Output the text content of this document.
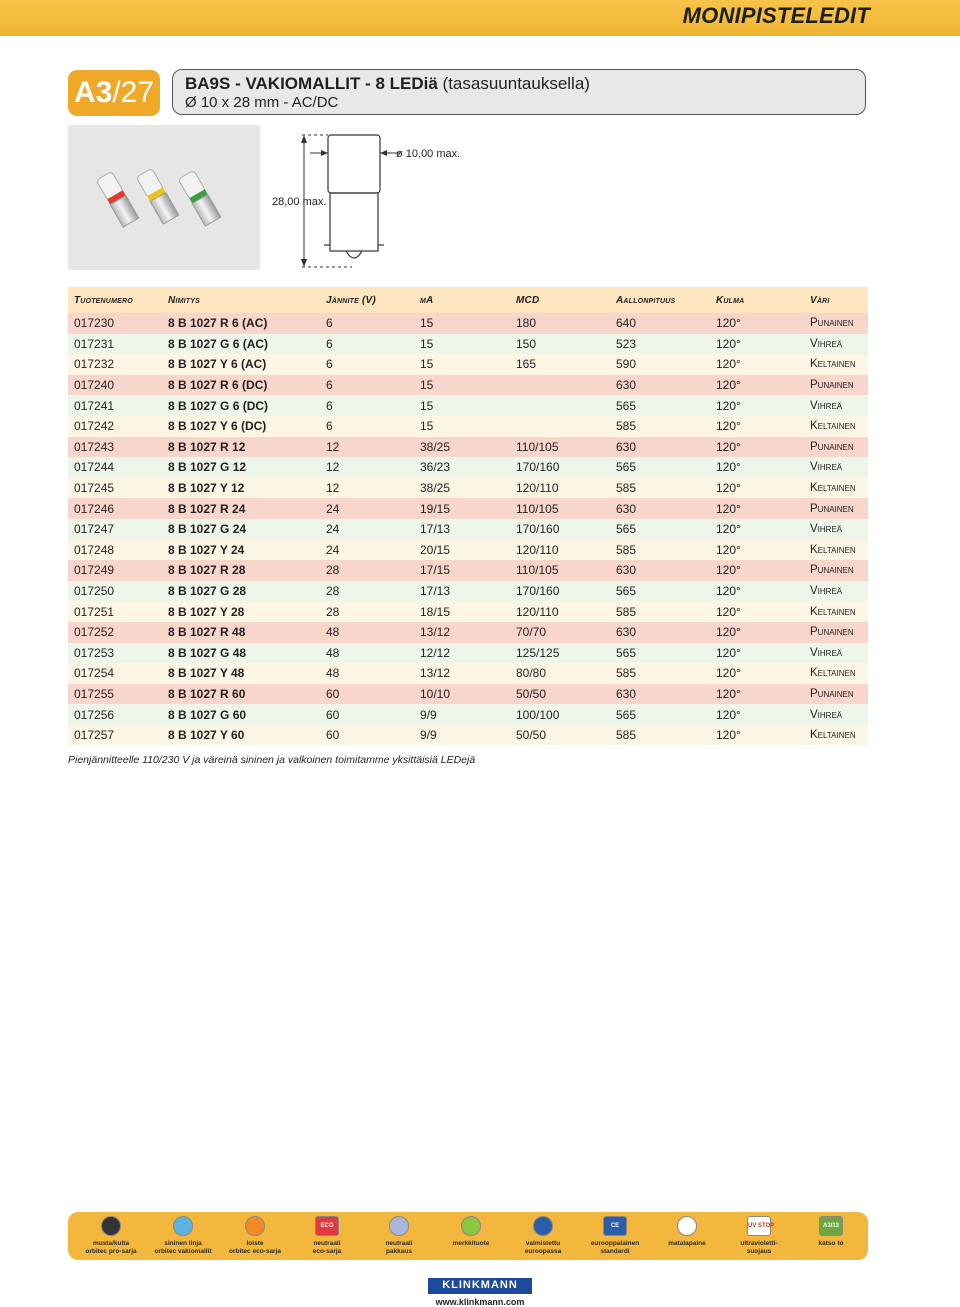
MONIPISTELEDIT
A3/27	BA9S - VAKIOMALLIT - 8 LEDiä (tasasuuntauksella)
Ø 10 x 28 mm - AC/DC
ø 10,00 max.
28,00 max.
Tuotenumero	Nimitys	Jännite (V)	mA	MCD	Aallonpituus	Kulma	Väri
017230	8 B 1027 R 6 (AC)	6	15	180	640	120°	Punainen
017231	8 B 1027 G 6 (AC)	6	15	150	523	120°	Vihreä
017232	8 B 1027 Y 6 (AC)	6	15	165	590	120°	Keltainen
017240	8 B 1027 R 6 (DC)	6	15		630	120°	Punainen
017241	8 B 1027 G 6 (DC)	6	15		565	120°	Vihreä
017242	8 B 1027 Y 6 (DC)	6	15		585	120°	Keltainen
017243	8 B 1027 R 12	12	38/25	110/105	630	120°	Punainen
017244	8 B 1027 G 12	12	36/23	170/160	565	120°	Vihreä
017245	8 B 1027 Y 12	12	38/25	120/110	585	120°	Keltainen
017246	8 B 1027 R 24	24	19/15	110/105	630	120°	Punainen
017247	8 B 1027 G 24	24	17/13	170/160	565	120°	Vihreä
017248	8 B 1027 Y 24	24	20/15	120/110	585	120°	Keltainen
017249	8 B 1027 R 28	28	17/15	110/105	630	120°	Punainen
017250	8 B 1027 G 28	28	17/13	170/160	565	120°	Vihreä
017251	8 B 1027 Y 28	28	18/15	120/110	585	120°	Keltainen
017252	8 B 1027 R 48	48	13/12	70/70	630	120°	Punainen
017253	8 B 1027 G 48	48	12/12	125/125	565	120°	Vihreä
017254	8 B 1027 Y 48	48	13/12	80/80	585	120°	Keltainen
017255	8 B 1027 R 60	60	10/10	50/50	630	120°	Punainen
017256	8 B 1027 G 60	60	9/9	100/100	565	120°	Vihreä
017257	8 B 1027 Y 60	60	9/9	50/50	585	120°	Keltainen
Pienjännitteelle 110/230 V ja väreinä sininen ja valkoinen toimitamme yksittäisiä LEDejä
musta/kulta
orbitec pro-sarja
sininen linja
orbitec vakiomallit
loiste
orbitec eco-sarja
ECO
neutraali
eco-sarja
neutraali
pakkaus
merkkituote	valmistettu
euroopassa
CE
eurooppalainen
standardi
matalapaine

UV STOP
ultravioletti-
suojaus
A3/13
katso to

KLINKMANN
www.klinkmann.com
